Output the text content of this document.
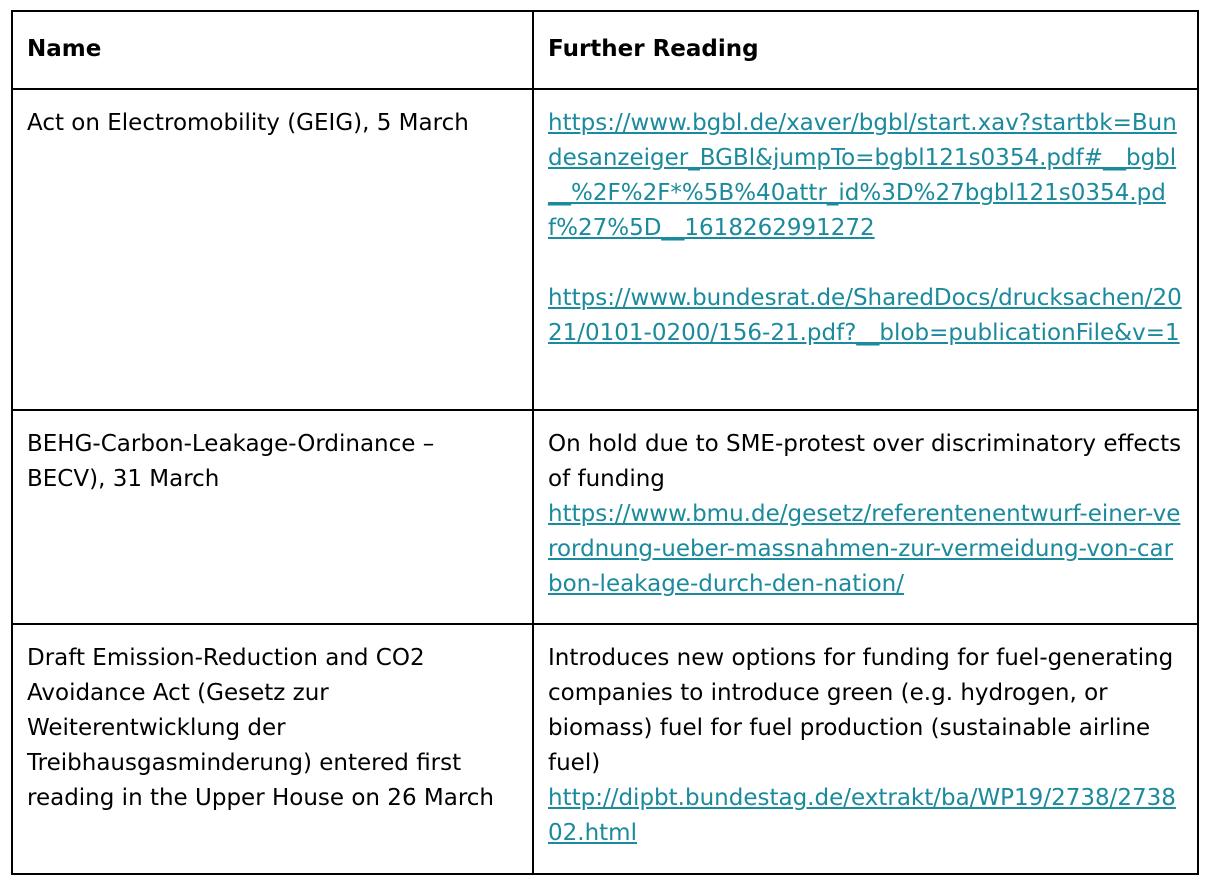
Name	Further Reading

Act on Electromobility (GEIG), 5 March	https://www.bgbl.de/xaver/bgbl/start.xav?startbk=Bundesanzeiger_BGBl&jumpTo=bgbl121s0354.pdf#__bgbl__%2F%2F*%5B%40attr_id%3D%27bgbl121s0354.pdf%27%5D__1618262991272
https://www.bundesrat.de/SharedDocs/drucksachen/2021/0101-0200/156-21.pdf?__blob=publicationFile&v=1

BEHG-Carbon-Leakage-Ordinance – BECV), 31 March	On hold due to SME-protest over discriminatory effects of funding

https://www.bmu.de/gesetz/referentenentwurf-einer-verordnung-ueber-massnahmen-zur-vermeidung-von-carbon-leakage-durch-den-nation/

Draft Emission-Reduction and CO2 Avoidance Act (Gesetz zur Weiterentwicklung der Treibhausgasminderung) entered first reading in the Upper House on 26 March	Introduces new options for funding for fuel-generating companies to introduce green (e.g. hydrogen, or biomass) fuel for fuel production (sustainable airline fuel)

http://dipbt.bundestag.de/extrakt/ba/WP19/2738/273802.html
